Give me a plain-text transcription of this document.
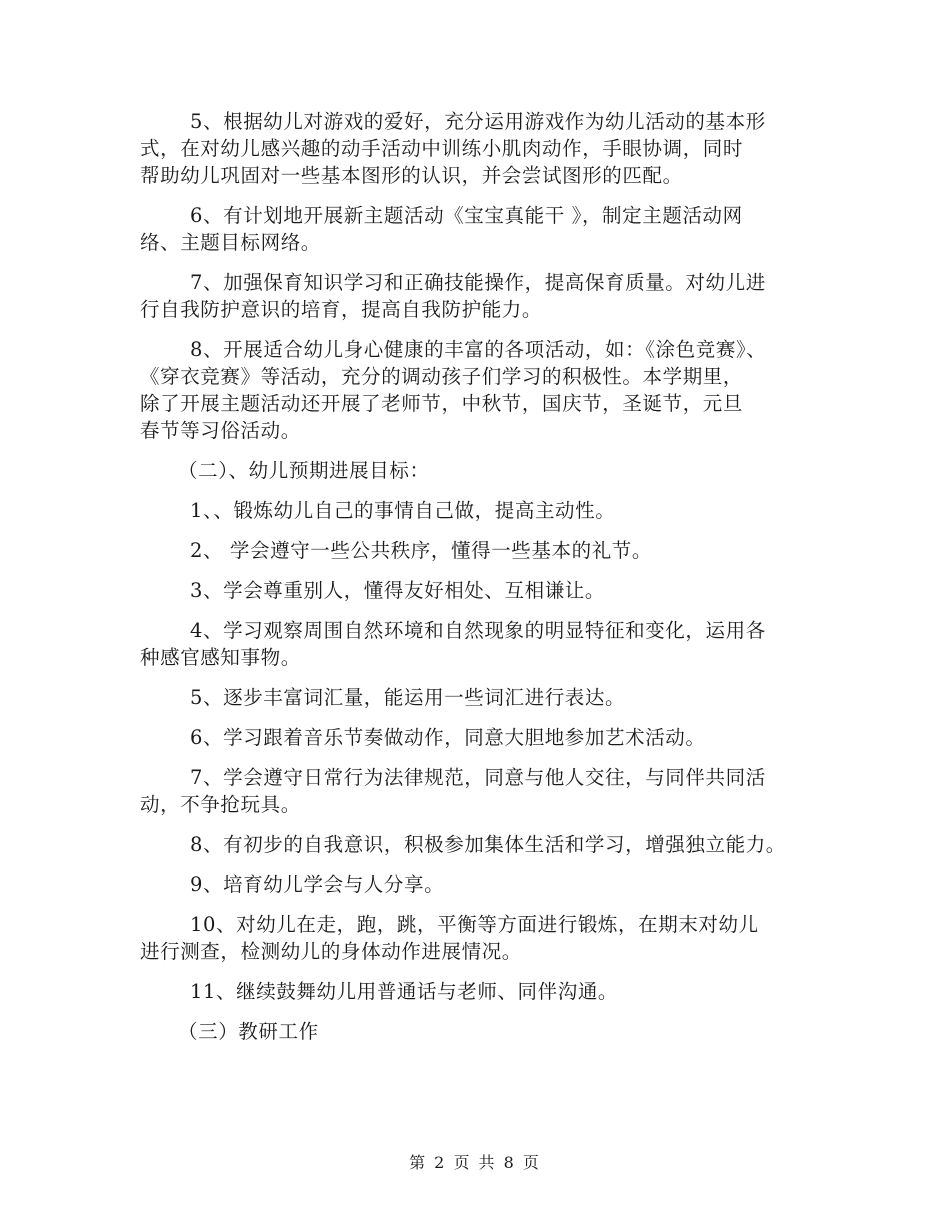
5、根据幼儿对游戏的爱好，充分运用游戏作为幼儿活动的基本形
式，在对幼儿感兴趣的动手活动中训练小肌肉动作，手眼协调，同时
帮助幼儿巩固对一些基本图形的认识，并会尝试图形的匹配。
6、有计划地开展新主题活动《宝宝真能干 》，制定主题活动网
络、主题目标网络。
7、加强保育知识学习和正确技能操作，提高保育质量。对幼儿进
行自我防护意识的培育，提高自我防护能力。
8、开展适合幼儿身心健康的丰富的各项活动，如：《涂色竞赛》、
《穿衣竞赛》等活动，充分的调动孩子们学习的积极性。本学期里，
除了开展主题活动还开展了老师节，中秋节，国庆节，圣诞节，元旦
春节等习俗活动。
（二）、幼儿预期进展目标：
1、、锻炼幼儿自己的事情自己做，提高主动性。
2、 学会遵守一些公共秩序，懂得一些基本的礼节。
3、学会尊重别人，懂得友好相处、互相谦让。
4、学习观察周围自然环境和自然现象的明显特征和变化，运用各
种感官感知事物。
5、逐步丰富词汇量，能运用一些词汇进行表达。
6、学习跟着音乐节奏做动作，同意大胆地参加艺术活动。
7、学会遵守日常行为法律规范，同意与他人交往，与同伴共同活
动，不争抢玩具。
8、有初步的自我意识，积极参加集体生活和学习，增强独立能力。
9、培育幼儿学会与人分享。
10、对幼儿在走，跑，跳，平衡等方面进行锻炼，在期末对幼儿
进行测查，检测幼儿的身体动作进展情况。
11、继续鼓舞幼儿用普通话与老师、同伴沟通。
（三）教研工作
第 2 页 共 8 页
